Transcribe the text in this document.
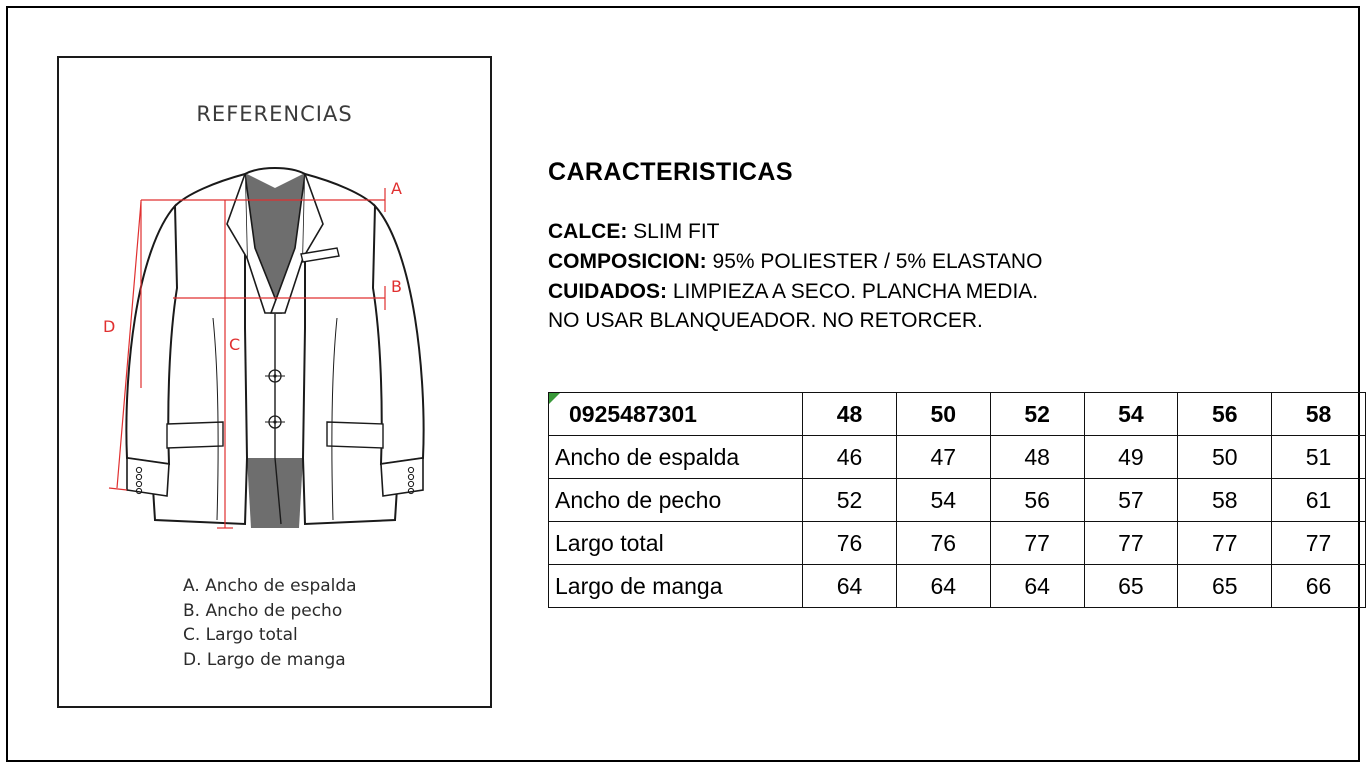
REFERENCIAS
A
B
C
D
A. Ancho de espalda
B. Ancho de pecho
C. Largo total
D. Largo de manga
CARACTERISTICAS
CALCE: SLIM FIT
COMPOSICION: 95% POLIESTER / 5% ELASTANO
CUIDADOS: LIMPIEZA A SECO. PLANCHA MEDIA.
NO USAR BLANQUEADOR. NO RETORCER.
0925487301	48	50	52	54	56	58
Ancho de espalda	46	47	48	49	50	51
Ancho de pecho	52	54	56	57	58	61
Largo total	76	76	77	77	77	77
Largo de manga	64	64	64	65	65	66
